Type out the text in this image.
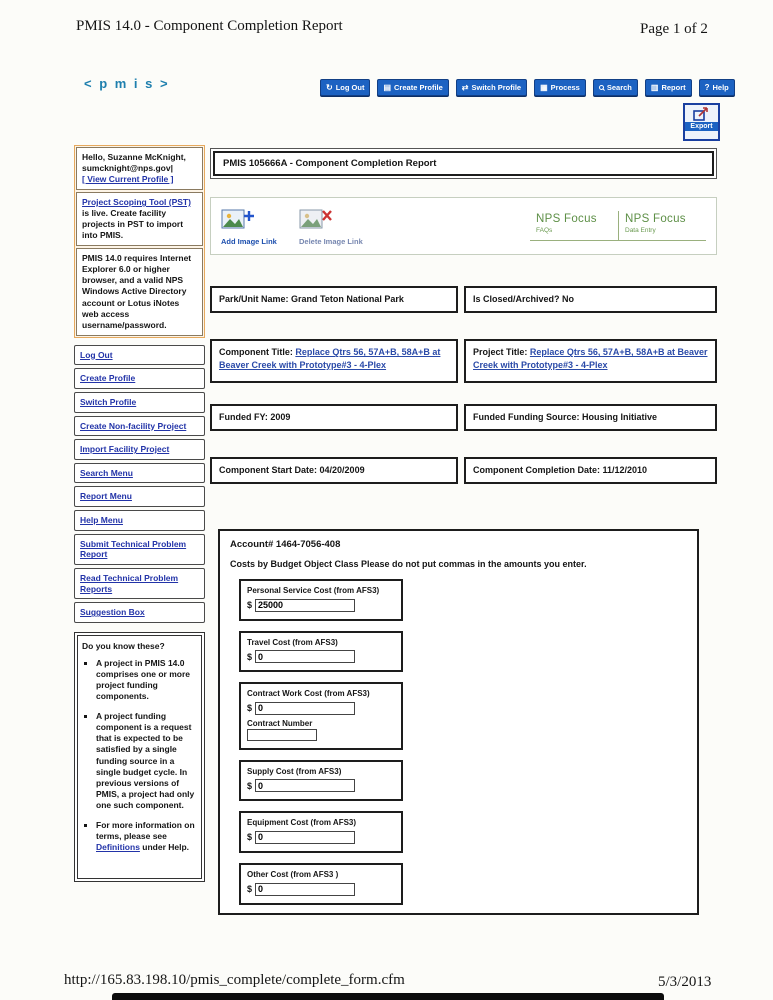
PMIS 14.0 - Component Completion Report	Page 1 of 2
< p m i s >	↻ Log Out ▤ Create Profile ⇄ Switch Profile ▦ Process	Search ▥ Report ? Help
Export
Hello, Suzanne McKnight,
sumcknight@nps.gov|
[ View Current Profile ]
Project Scoping Tool (PST) is live. Create facility projects in PST to import into PMIS.
PMIS 14.0 requires Internet Explorer 6.0 or higher browser, and a valid NPS Windows Active Directory account or Lotus iNotes web access username/password.
Log Out
Create Profile
Switch Profile
Create Non-facility Project
Import Facility Project
Search Menu
Report Menu
Help Menu
Submit Technical Problem Report
Read Technical Problem Reports
Suggestion Box
Do you know these?
▪ A project in PMIS 14.0 comprises one or more project funding components.
▪ A project funding component is a request that is expected to be satisfied by a single funding source in a single budget cycle. In previous versions of PMIS, a project had only one such component.
▪ For more information on terms, please see Definitions under Help.
PMIS 105666A - Component Completion Report
Add Image Link	Delete Image Link
NPS Focus
FAQs
NPS Focus
Data Entry
Park/Unit Name: Grand Teton National Park	Is Closed/Archived? No
Component Title: Replace Qtrs 56, 57A+B, 58A+B at Beaver Creek with Prototype#3 - 4-Plex
Project Title: Replace Qtrs 56, 57A+B, 58A+B at Beaver Creek with Prototype#3 - 4-Plex
Funded FY: 2009	Funded Funding Source: Housing Initiative
Component Start Date: 04/20/2009	Component Completion Date: 11/12/2010
Account# 1464-7056-408
Costs by Budget Object Class Please do not put commas in the amounts you enter.
Personal Service Cost (from AFS3)
$
25000
Travel Cost (from AFS3)
$
0
Contract Work Cost (from AFS3)
$
0
Contract Number
Supply Cost (from AFS3)
$
0
Equipment Cost (from AFS3)
$
0
Other Cost (from AFS3 )
$
0
http://165.83.198.10/pmis_complete/complete_form.cfm	5/3/2013
